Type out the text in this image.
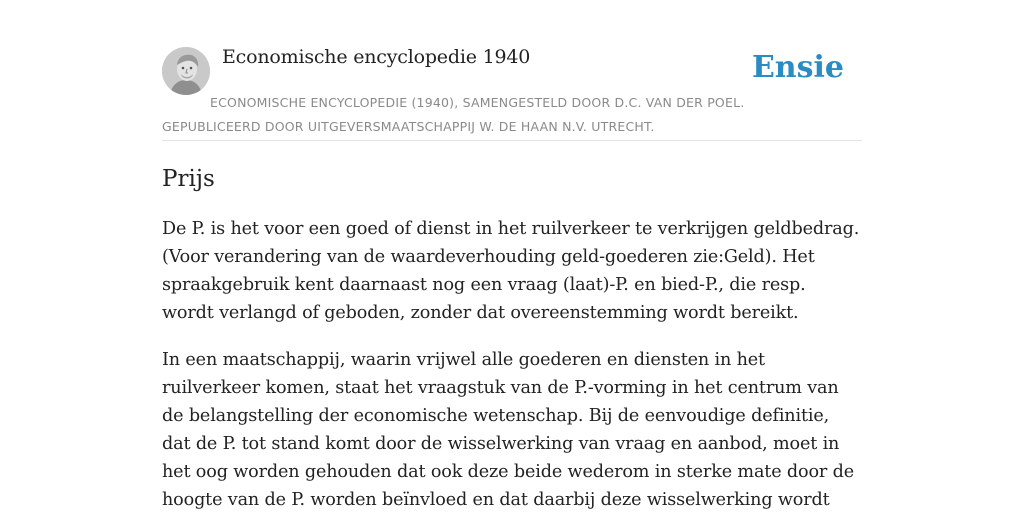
Economische encyclopedie 1940	Ensie
ECONOMISCHE ENCYCLOPEDIE (1940), SAMENGESTELD DOOR D.C. VAN DER POEL. GEPUBLICEERD DOOR UITGEVERSMAATSCHAPPIJ W. DE HAAN N.V. UTRECHT.
Prijs

De P. is het voor een goed of dienst in het ruilverkeer te verkrijgen geldbedrag. (Voor verandering van de waardeverhouding geld-goederen zie:Geld). Het spraakgebruik kent daarnaast nog een vraag (laat)-P. en bied-P., die resp. wordt verlangd of geboden, zonder dat overeenstemming wordt bereikt.

In een maatschappij, waarin vrijwel alle goederen en diensten in het ruilverkeer komen, staat het vraagstuk van de P.-vorming in het centrum van de belangstelling der economische wetenschap. Bij de eenvoudige definitie, dat de P. tot stand komt door de wisselwerking van vraag en aanbod, moet in het oog worden gehouden dat ook deze beide wederom in sterke mate door de hoogte van de P. worden beïnvloed en dat daarbij deze wisselwerking wordt
